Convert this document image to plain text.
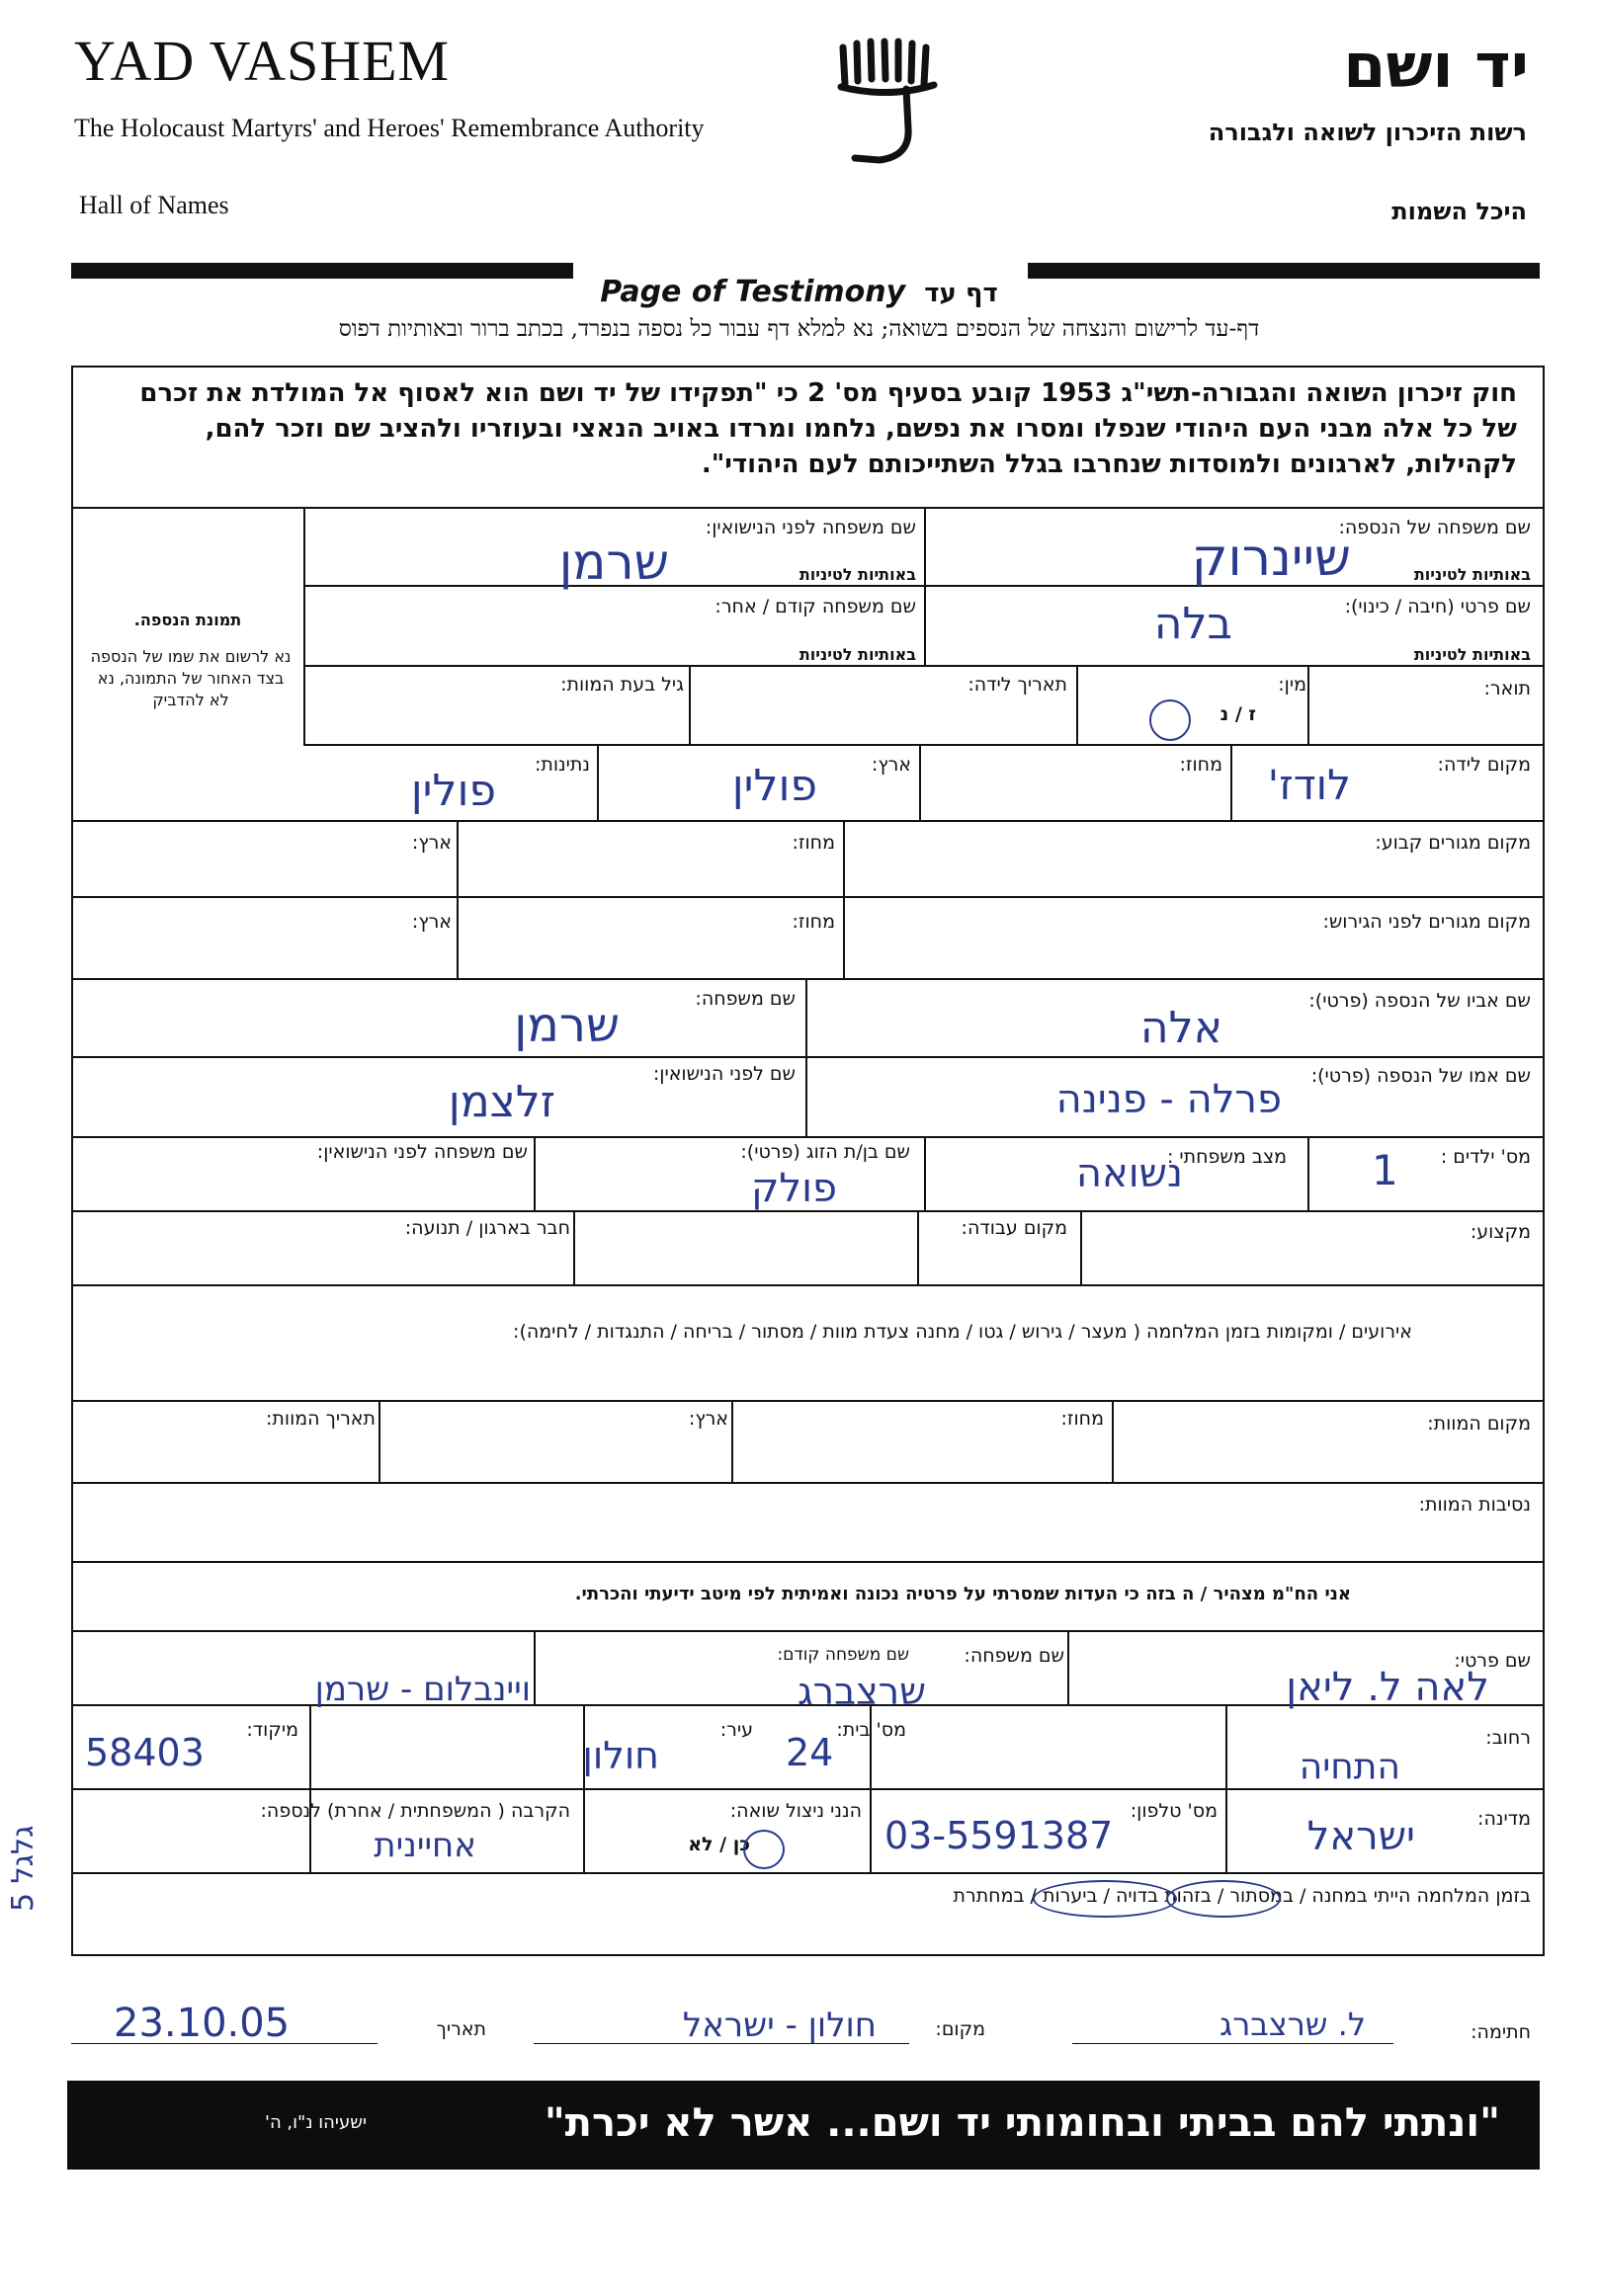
YAD VASHEM
The Holocaust Martyrs' and Heroes' Remembrance Authority
Hall of Names
יד ושם
רשות הזיכרון לשואה ולגבורה
היכל השמות
Page of Testimony דף עד
דף-עד לרישום והנצחה של הנספים בשואה; נא למלא דף עבור כל נספה בנפרד, בכתב ברור ובאותיות דפוס
חוק זיכרון השואה והגבורה-תשי"ג 1953 קובע בסעיף מס' 2 כי "תפקידו של יד ושם הוא לאסוף אל המולדת את זכרם של כל אלה מבני העם היהודי שנפלו ומסרו את נפשם, נלחמו ומרדו באויב הנאצי ובעוזריו ולהציב שם וזכר להם, לקהילות, לארגונים ולמוסדות שנחרבו בגלל השתייכותם לעם היהודי".
שם משפחה של הנספה:
באותיות לטיניות
שם משפחה לפני הנישואין:
באותיות לטיניות
שם פרטי (חיבה / כינוי):
באותיות לטיניות
שם משפחה קודם / אחר:
באותיות לטיניות
תמונת הנספה.
נא לרשום את שמו של הנספה בצד האחור של התמונה, נא לא להדביק
תואר:
מין:
ז / נ
תאריך לידה:
גיל בעת המוות:
מקום לידה:
מחוז:
ארץ:
נתינות:
מקום מגורים קבוע:
מחוז:
ארץ:
מקום מגורים לפני הגירוש:
מחוז:
ארץ:
שם אביו של הנספה (פרטי):
שם משפחה:
שם אמו של הנספה (פרטי):
שם לפני הנישואין:
מס' ילדים :
מצב משפחתי :
שם בן/ת הזוג (פרטי):
שם משפחה לפני הנישואין:
מקצוע:
מקום עבודה:
חבר בארגון / תנועה:
אירועים / ומקומות בזמן המלחמה ( מעצר / גירוש / גטו / מחנה צעדת מוות / מסתור / בריחה / התנגדות / לחימה):
מקום המוות:
מחוז:
ארץ:
תאריך המוות:
נסיבות המוות:
אני הח"מ מצהיר / ה בזה כי העדות שמסרתי על פרטיה נכונה ואמיתית לפי מיטב ידיעתי והכרתי.
שם פרטי:
שם משפחה:
שם משפחה קודם:
רחוב:
מס' בית:
עיר:
מיקוד:
מדינה:
מס' טלפון:
הנני ניצול שואה:
כן / לא
הקרבה ( המשפחתית / אחרת) לנספה:
בזמן המלחמה הייתי במחנה / במסתור / בזהות בדויה / ביערות / במחתרת
חתימה:
מקום:
תאריך
שיינרוק
שרמן
בלה
לודז'
פולין
פולין
אלה
שרמן
פרלה - פנינה
זלצמן
1
נשואה
פולק
לאה ל. ליאן
שרצברג
ויינבלום - שרמן
התחיה
24
חולון
58403
ישראל
03-5591387
אחיינית
ל. שרצברג
חולון - ישראל
23.10.05
גלגל 5
"ונתתי להם בביתי ובחומותי יד ושם... אשר לא יכרת"
ישעיהו נ"ו, ה'
